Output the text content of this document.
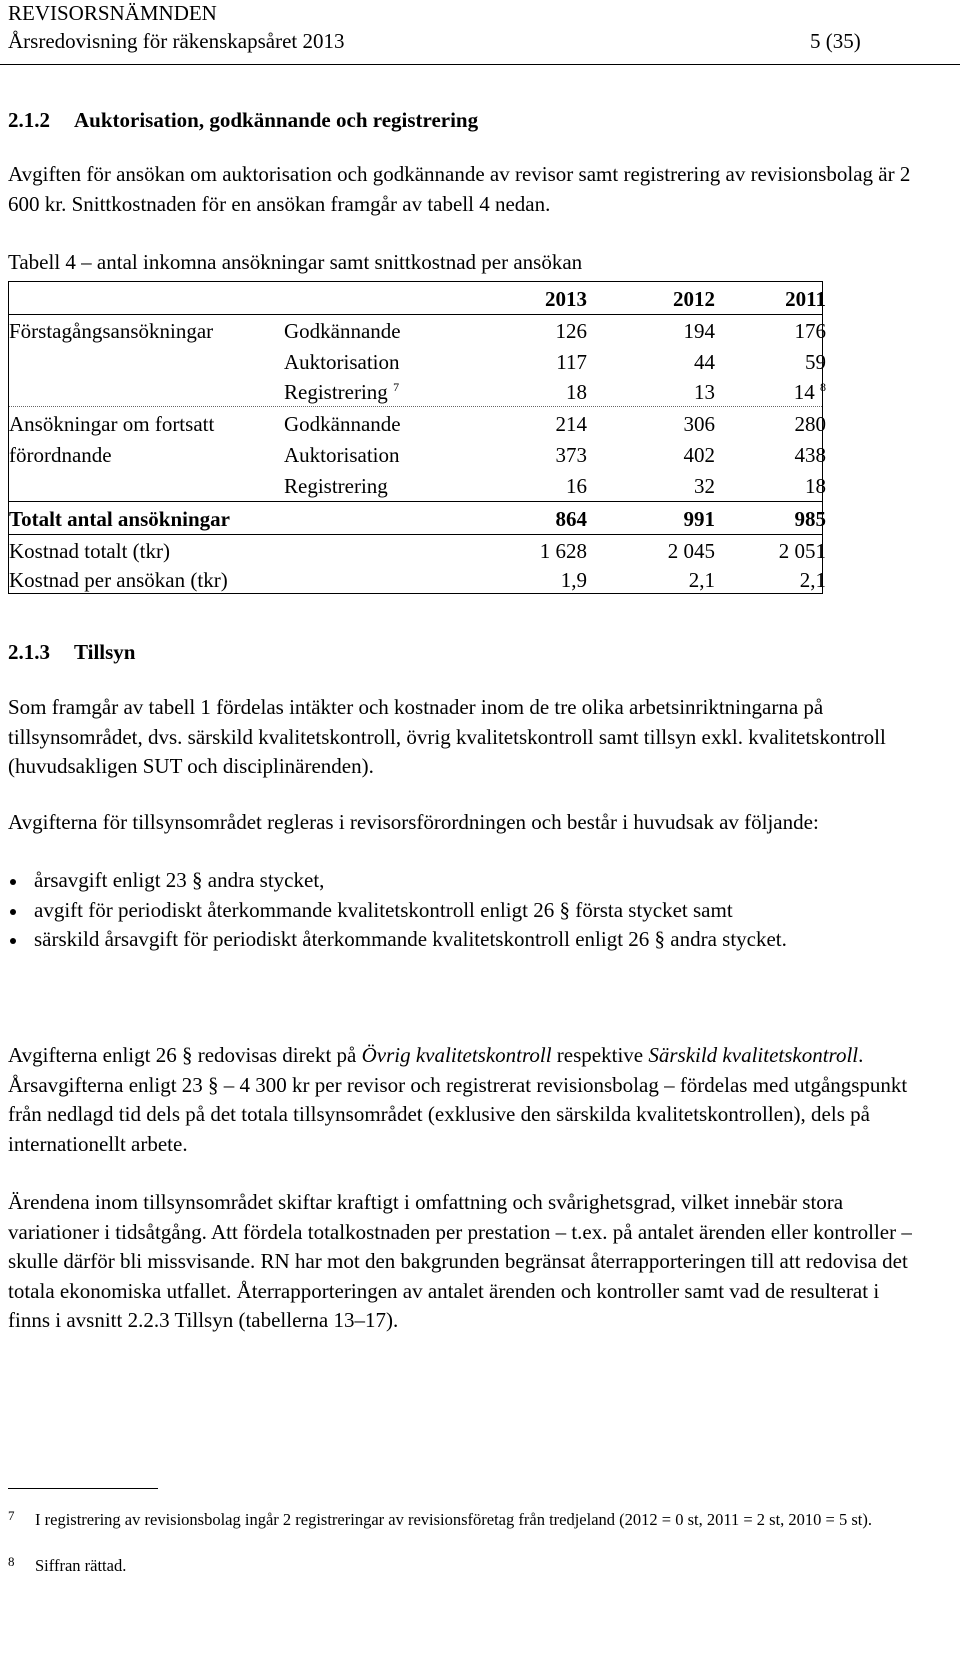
REVISORSNÄMNDEN
Årsredovisning för räkenskapsåret 2013	5 (35)
2.1.2 Auktorisation, godkännande och registrering

Avgiften för ansökan om auktorisation och godkännande av revisor samt registrering av revisionsbolag är 2 600 kr. Snittkostnaden för en ansökan framgår av tabell 4 nedan.

Tabell 4 – antal inkomna ansökningar samt snittkostnad per ansökan
2013	2012	2011
Förstagångsansökningar	Godkännande	126	194	176
Auktorisation	117	44	59
Registrering $^7$	18	13	14 $^8$
Ansökningar om fortsatt
förordnande
Godkännande	214	306	280
Auktorisation	373	402	438
Registrering	16	32	18
Totalt antal ansökningar	864	991	985
Kostnad totalt (tkr)	1 628	2 045	2 051
Kostnad per ansökan (tkr)	1,9	2,1	2,1
2.1.3 Tillsyn

Som framgår av tabell 1 fördelas intäkter och kostnader inom de tre olika arbetsinriktningarna på tillsynsområdet, dvs. särskild kvalitetskontroll, övrig kvalitetskontroll samt tillsyn exkl. kvalitetskontroll (huvudsakligen SUT och disciplinärenden).

Avgifterna för tillsynsområdet regleras i revisorsförordningen och består i huvudsak av följande:

årsavgift enligt 23 § andra stycket,
avgift för periodiskt återkommande kvalitetskontroll enligt 26 § första stycket samt
särskild årsavgift för periodiskt återkommande kvalitetskontroll enligt 26 § andra stycket.

Avgifterna enligt 26 § redovisas direkt på Övrig kvalitetskontroll respektive Särskild kvalitetskontroll. Årsavgifterna enligt 23 § – 4 300 kr per revisor och registrerat revisionsbolag – fördelas med utgångspunkt från nedlagd tid dels på det totala tillsynsområdet (exklusive den särskilda kvalitetskontrollen), dels på internationellt arbete.

Ärendena inom tillsynsområdet skiftar kraftigt i omfattning och svårighetsgrad, vilket innebär stora variationer i tidsåtgång. Att fördela totalkostnaden per prestation – t.ex. på antalet ärenden eller kontroller – skulle därför bli missvisande. RN har mot den bakgrunden begränsat återrapporteringen till att redovisa det totala ekonomiska utfallet. Återrapporteringen av antalet ärenden och kontroller samt vad de resulterat i finns i avsnitt 2.2.3 Tillsyn (tabellerna 13–17).

7 I registrering av revisionsbolag ingår 2 registreringar av revisionsföretag från tredjeland (2012 = 0 st, 2011 = 2 st, 2010 = 5 st).
8 Siffran rättad.
